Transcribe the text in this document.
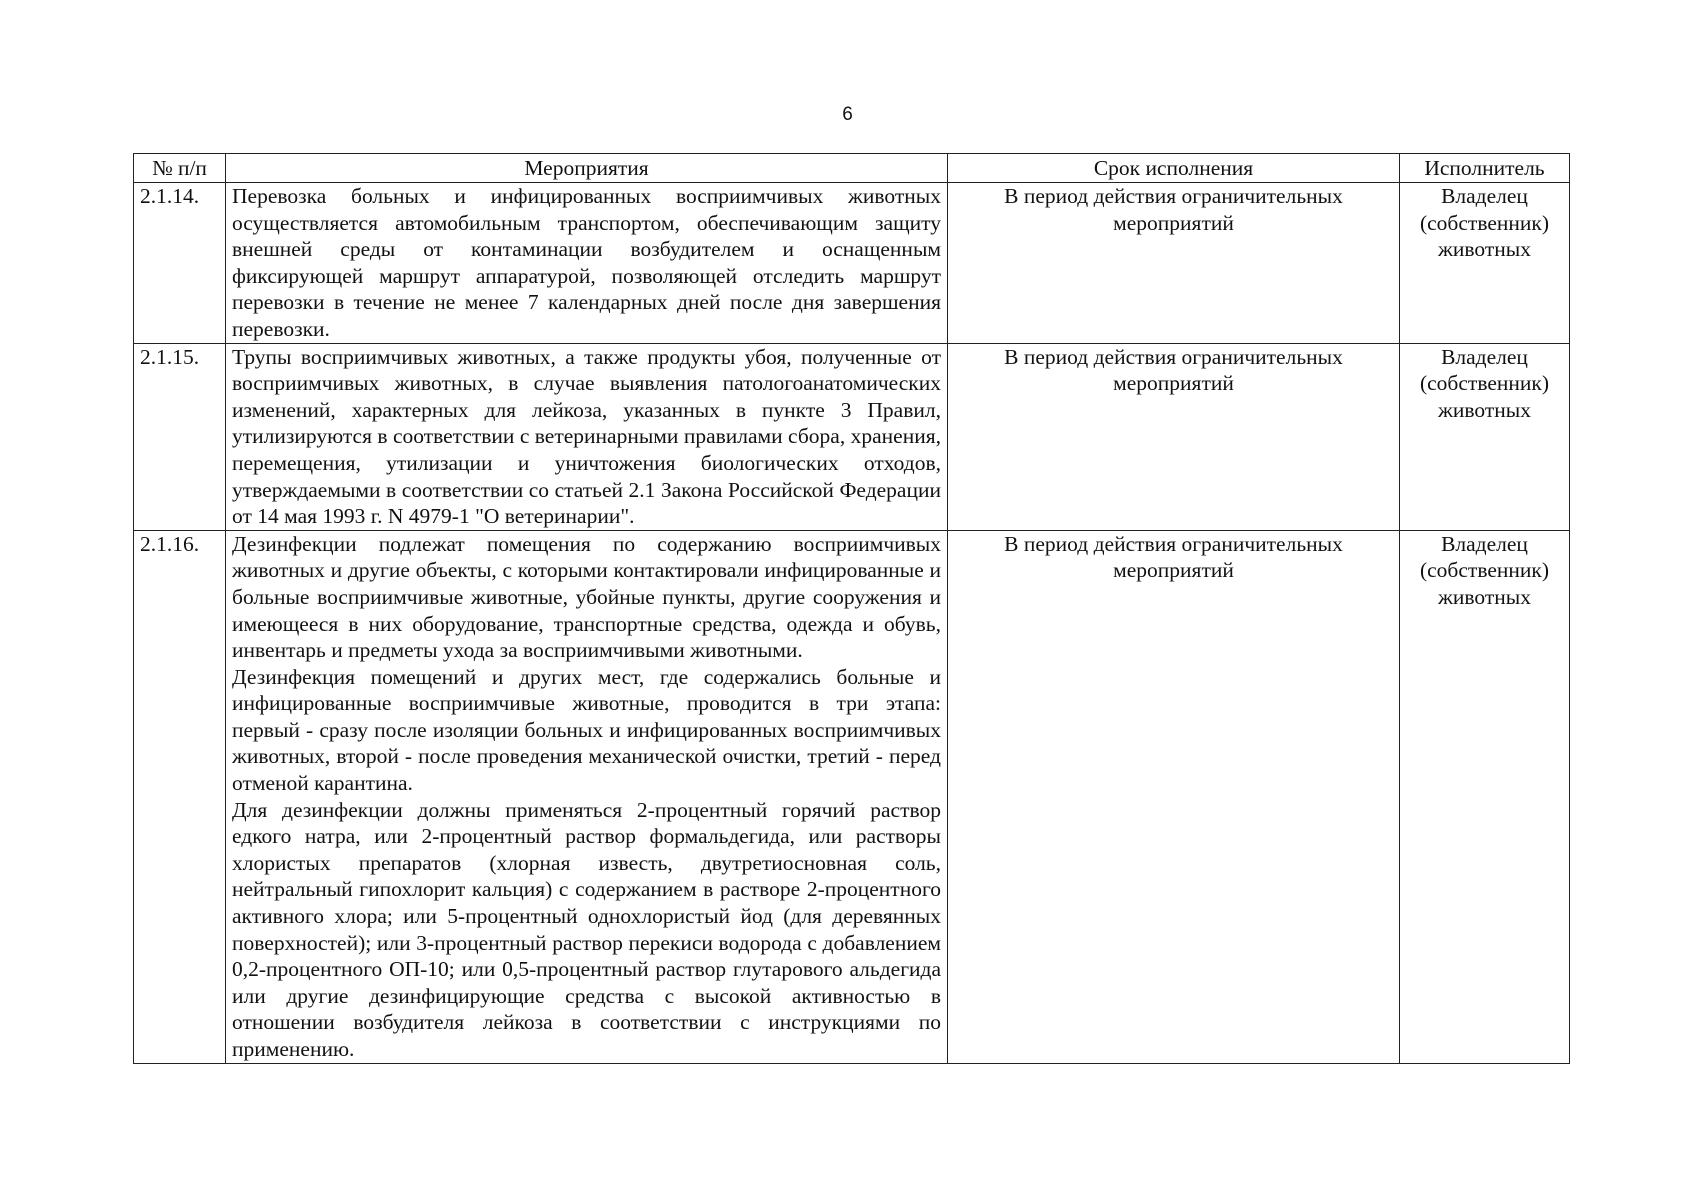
6
№ п/п	Мероприятия	Срок исполнения	Исполнитель
2.1.14.	Перевозка больных и инфицированных восприимчивых животных осуществляется автомобильным транспортом, обеспечивающим защиту внешней среды от контаминации возбудителем и оснащенным фиксирующей маршрут аппаратурой, позволяющей отследить маршрут перевозки в течение не менее 7 календарных дней после дня завершения перевозки.	В период действия ограничительных мероприятий	Владелец (собственник) животных
2.1.15.	Трупы восприимчивых животных, а также продукты убоя, полученные от восприимчивых животных, в случае выявления патологоанатомических изменений, характерных для лейкоза, указанных в пункте 3 Правил, утилизируются в соответствии с ветеринарными правилами сбора, хранения, перемещения, утилизации и уничтожения биологических отходов, утверждаемыми в соответствии со статьей 2.1 Закона Российской Федерации от 14 мая 1993 г. N 4979-1 "О ветеринарии".	В период действия ограничительных мероприятий	Владелец (собственник) животных
2.1.16.	Дезинфекции подлежат помещения по содержанию восприимчивых животных и другие объекты, с которыми контактировали инфицированные и больные восприимчивые животные, убойные пункты, другие сооружения и имеющееся в них оборудование, транспортные средства, одежда и обувь, инвентарь и предметы ухода за восприимчивыми животными.

Дезинфекция помещений и других мест, где содержались больные и инфицированные восприимчивые животные, проводится в три этапа: первый - сразу после изоляции больных и инфицированных восприимчивых животных, второй - после проведения механической очистки, третий - перед отменой карантина.

Для дезинфекции должны применяться 2-процентный горячий раствор едкого натра, или 2-процентный раствор формальдегида, или растворы хлористых препаратов (хлорная известь, двутретиосновная соль, нейтральный гипохлорит кальция) с содержанием в растворе 2-процентного активного хлора; или 5-процентный однохлористый йод (для деревянных поверхностей); или 3-процентный раствор перекиси водорода с добавлением 0,2-процентного ОП-10; или 0,5-процентный раствор глутарового альдегида или другие дезинфицирующие средства с высокой активностью в отношении возбудителя лейкоза в соответствии с инструкциями по применению.	В период действия ограничительных мероприятий	Владелец (собственник) животных
